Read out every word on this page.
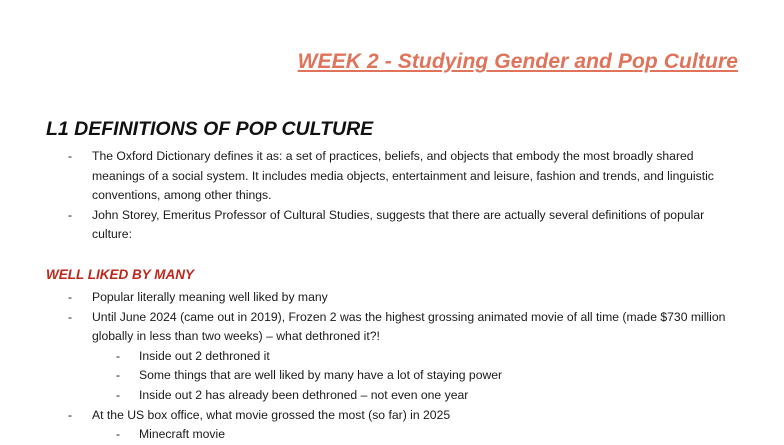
WEEK 2 - Studying Gender and Pop Culture
L1 DEFINITIONS OF POP CULTURE
- The Oxford Dictionary defines it as: a set of practices, beliefs, and objects that embody the most broadly shared meanings of a social system. It includes media objects, entertainment and leisure, fashion and trends, and linguistic conventions, among other things.
- John Storey, Emeritus Professor of Cultural Studies, suggests that there are actually several definitions of popular culture:
WELL LIKED BY MANY
- Popular literally meaning well liked by many
- Until June 2024 (came out in 2019), Frozen 2 was the highest grossing animated movie of all time (made $730 million globally in less than two weeks) – what dethroned it?!
- Inside out 2 dethroned it
- Some things that are well liked by many have a lot of staying power
- Inside out 2 has already been dethroned – not even one year
- At the US box office, what movie grossed the most (so far) in 2025
- Minecraft movie
